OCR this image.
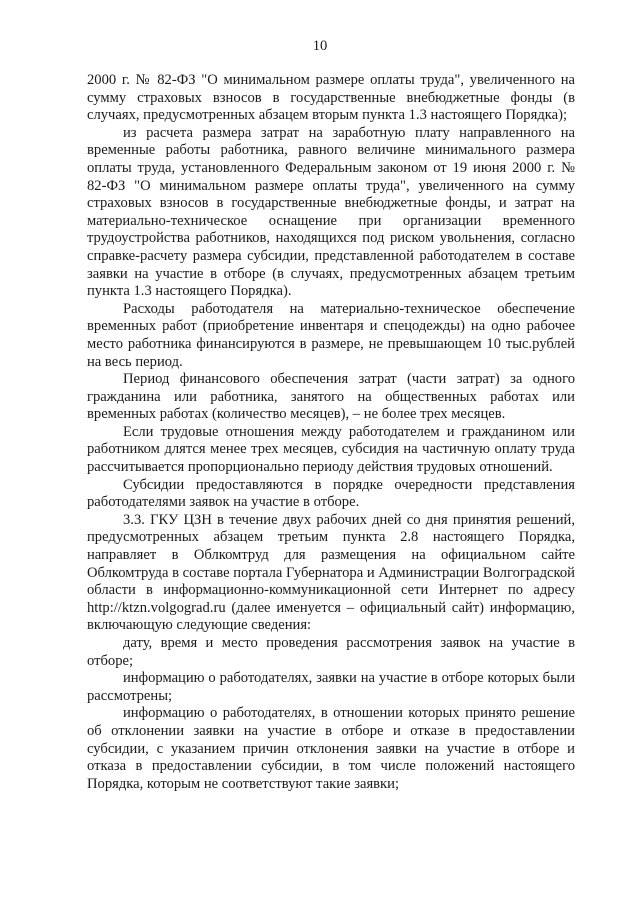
10

2000 г. № 82-ФЗ "О минимальном размере оплаты труда", увеличенного на сумму страховых взносов в государственные внебюджетные фонды (в случаях, предусмотренных абзацем вторым пункта 1.3 настоящего Порядка);

из расчета размера затрат на заработную плату направленного на временные работы работника, равного величине минимального размера оплаты труда, установленного Федеральным законом от 19 июня 2000 г. № 82-ФЗ "О минимальном размере оплаты труда", увеличенного на сумму страховых взносов в государственные внебюджетные фонды, и затрат на материально-техническое оснащение при организации временного трудоустройства работников, находящихся под риском увольнения, согласно справке-расчету размера субсидии, представленной работодателем в составе заявки на участие в отборе (в случаях, предусмотренных абзацем третьим пункта 1.3 настоящего Порядка).

Расходы работодателя на материально-техническое обеспечение временных работ (приобретение инвентаря и спецодежды) на одно рабочее место работника финансируются в размере, не превышающем 10 тыс.рублей на весь период.

Период финансового обеспечения затрат (части затрат) за одного гражданина или работника, занятого на общественных работах или временных работах (количество месяцев), – не более трех месяцев.

Если трудовые отношения между работодателем и гражданином или работником длятся менее трех месяцев, субсидия на частичную оплату труда рассчитывается пропорционально периоду действия трудовых отношений.

Субсидии предоставляются в порядке очередности представления работодателями заявок на участие в отборе.

3.3. ГКУ ЦЗН в течение двух рабочих дней со дня принятия решений, предусмотренных абзацем третьим пункта 2.8 настоящего Порядка, направляет в Облкомтруд для размещения на официальном сайте Облкомтруда в составе портала Губернатора и Администрации Волгоградской области в информационно-коммуникационной сети Интернет по адресу http://ktzn.volgograd.ru (далее именуется – официальный сайт) информацию, включающую следующие сведения:

дату, время и место проведения рассмотрения заявок на участие в отборе;

информацию о работодателях, заявки на участие в отборе которых были рассмотрены;

информацию о работодателях, в отношении которых принято решение об отклонении заявки на участие в отборе и отказе в предоставлении субсидии, с указанием причин отклонения заявки на участие в отборе и отказа в предоставлении субсидии, в том числе положений настоящего Порядка, которым не соответствуют такие заявки;
